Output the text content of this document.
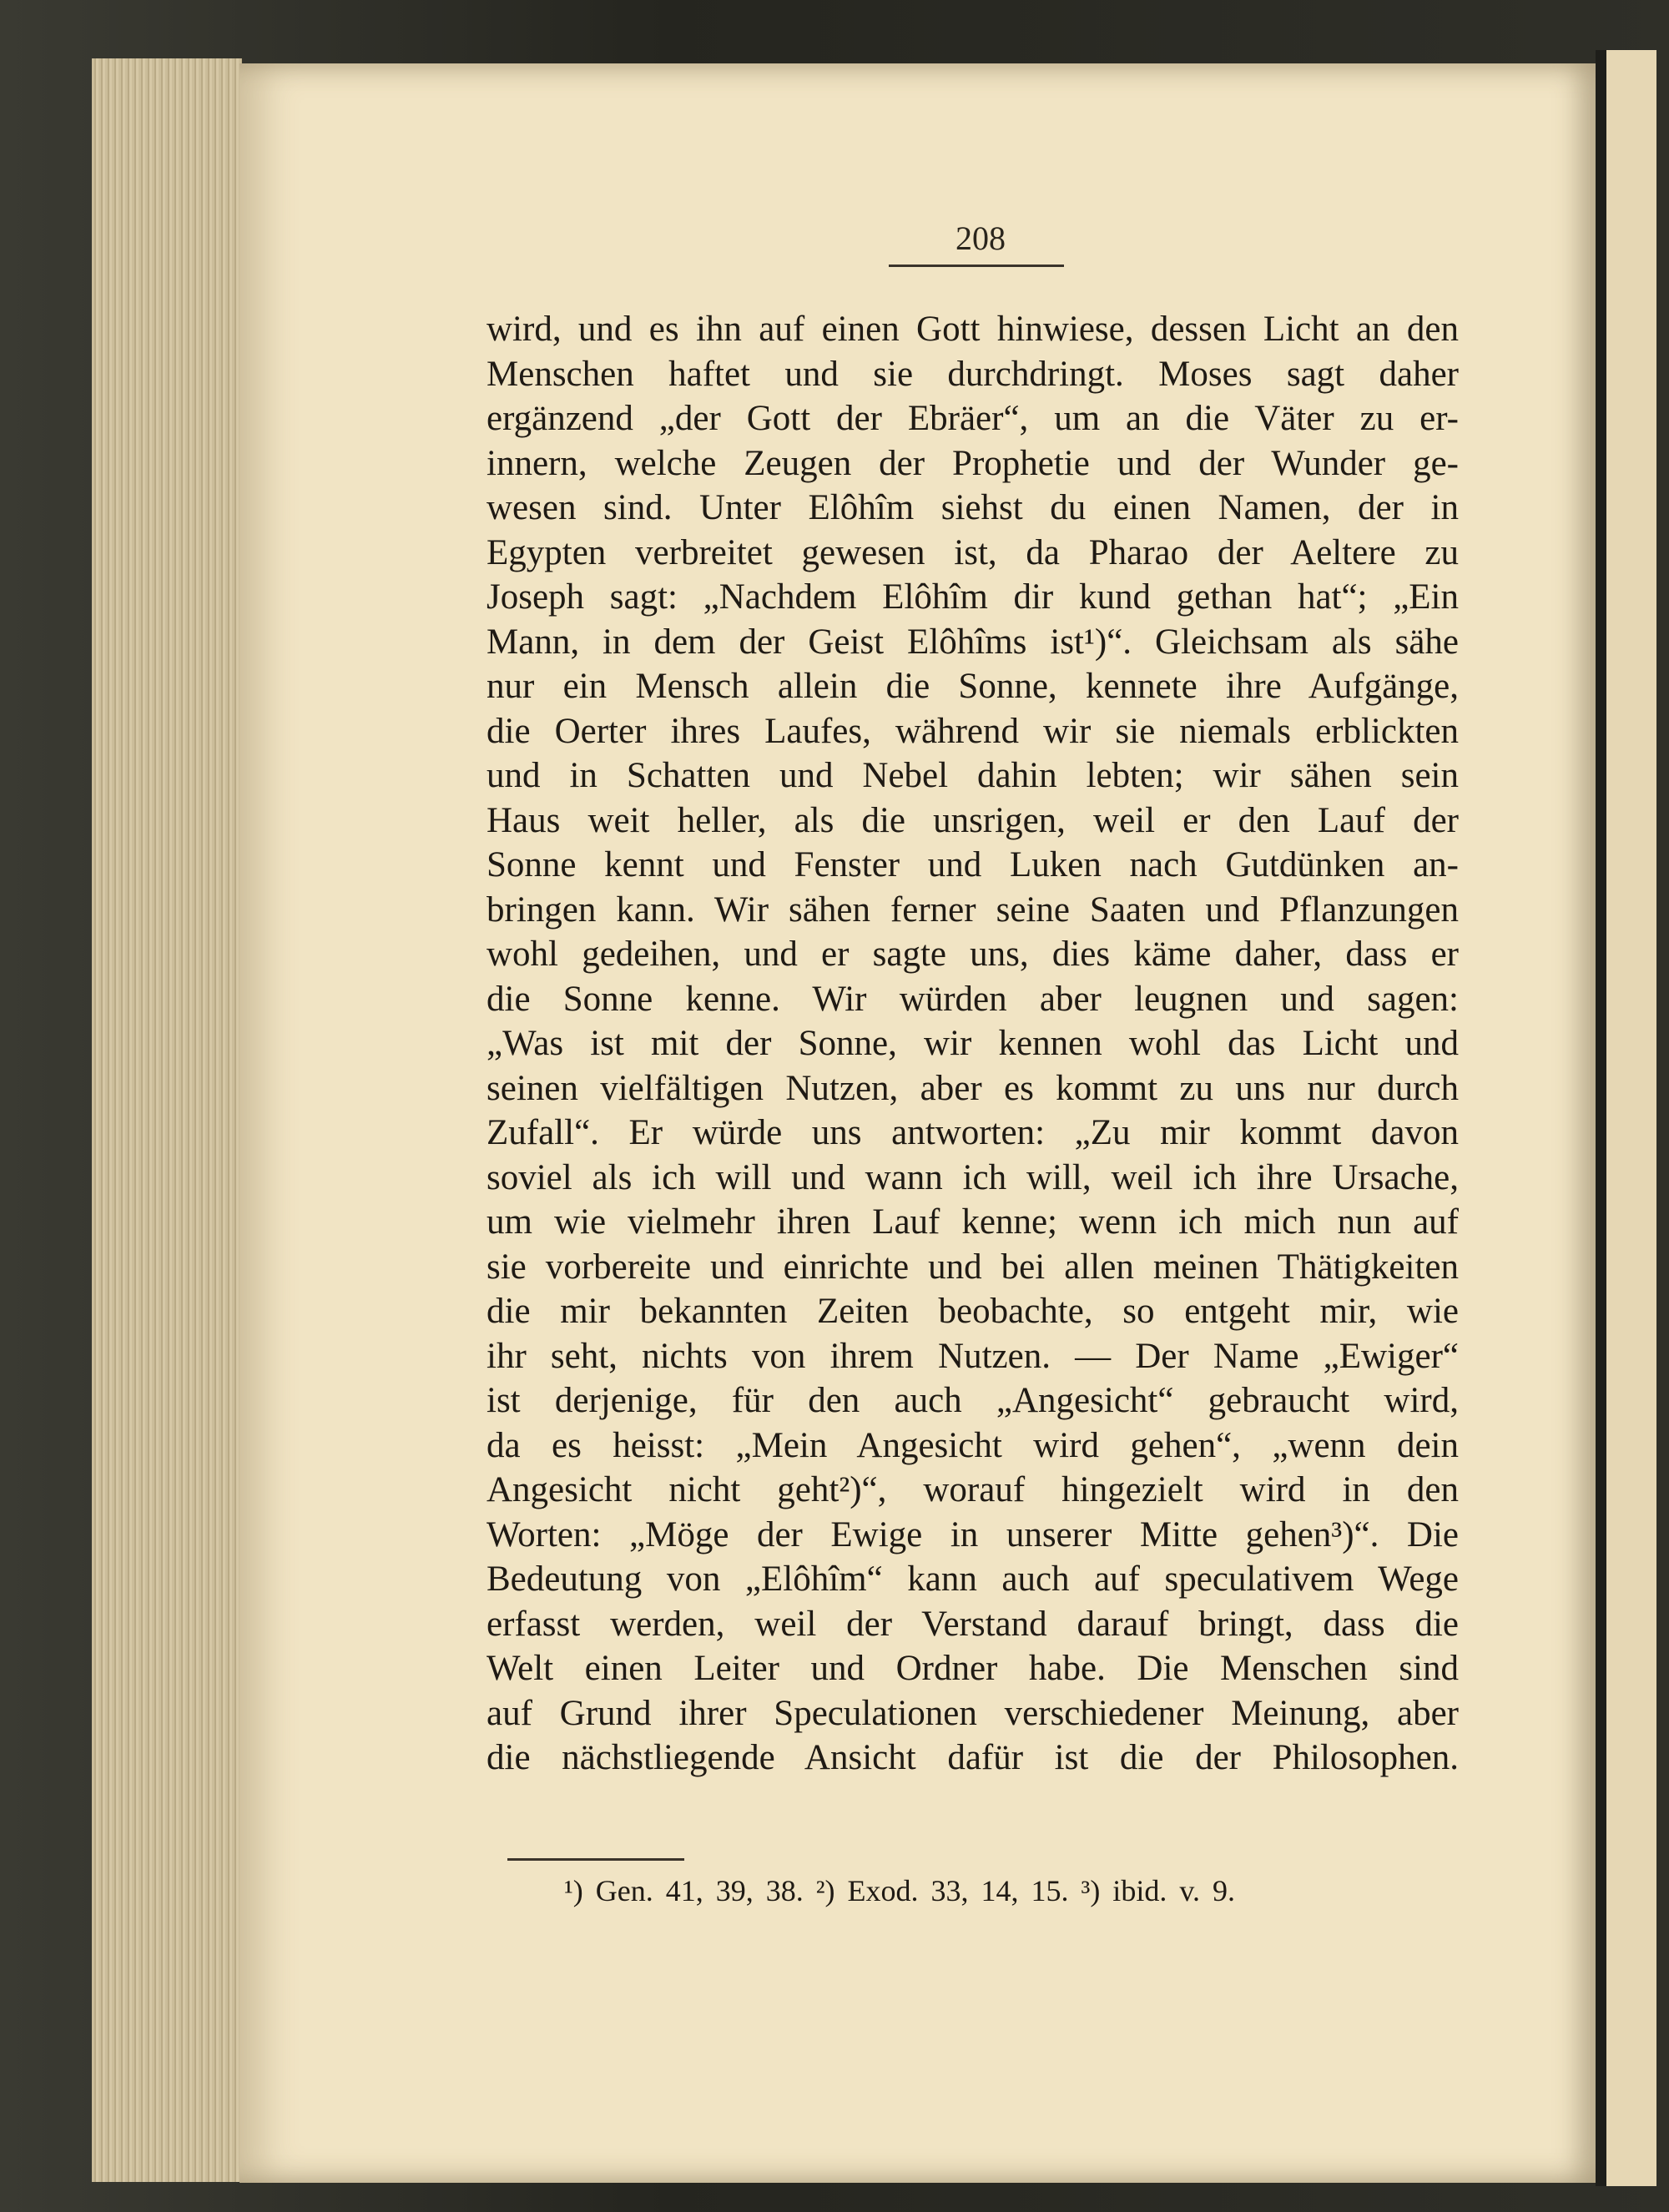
208
wird, und es ihn auf einen Gott hinwiese, dessen Licht an den
Menschen haftet und sie durchdringt. Moses sagt daher
ergänzend „der Gott der Ebräer“, um an die Väter zu er-
innern, welche Zeugen der Prophetie und der Wunder ge-
wesen sind. Unter Elôhîm siehst du einen Namen, der in
Egypten verbreitet gewesen ist, da Pharao der Aeltere zu
Joseph sagt: „Nachdem Elôhîm dir kund gethan hat“; „Ein
Mann, in dem der Geist Elôhîms ist¹)“. Gleichsam als sähe
nur ein Mensch allein die Sonne, kennete ihre Aufgänge,
die Oerter ihres Laufes, während wir sie niemals erblickten
und in Schatten und Nebel dahin lebten; wir sähen sein
Haus weit heller, als die unsrigen, weil er den Lauf der
Sonne kennt und Fenster und Luken nach Gutdünken an-
bringen kann. Wir sähen ferner seine Saaten und Pflanzungen
wohl gedeihen, und er sagte uns, dies käme daher, dass er
die Sonne kenne. Wir würden aber leugnen und sagen:
„Was ist mit der Sonne, wir kennen wohl das Licht und
seinen vielfältigen Nutzen, aber es kommt zu uns nur durch
Zufall“. Er würde uns antworten: „Zu mir kommt davon
soviel als ich will und wann ich will, weil ich ihre Ursache,
um wie vielmehr ihren Lauf kenne; wenn ich mich nun auf
sie vorbereite und einrichte und bei allen meinen Thätigkeiten
die mir bekannten Zeiten beobachte, so entgeht mir, wie
ihr seht, nichts von ihrem Nutzen. — Der Name „Ewiger“
ist derjenige, für den auch „Angesicht“ gebraucht wird,
da es heisst: „Mein Angesicht wird gehen“, „wenn dein
Angesicht nicht geht²)“, worauf hingezielt wird in den
Worten: „Möge der Ewige in unserer Mitte gehen³)“. Die
Bedeutung von „Elôhîm“ kann auch auf speculativem Wege
erfasst werden, weil der Verstand darauf bringt, dass die
Welt einen Leiter und Ordner habe. Die Menschen sind
auf Grund ihrer Speculationen verschiedener Meinung, aber
die nächstliegende Ansicht dafür ist die der Philosophen.
¹) Gen. 41, 39, 38. ²) Exod. 33, 14, 15. ³) ibid. v. 9.
